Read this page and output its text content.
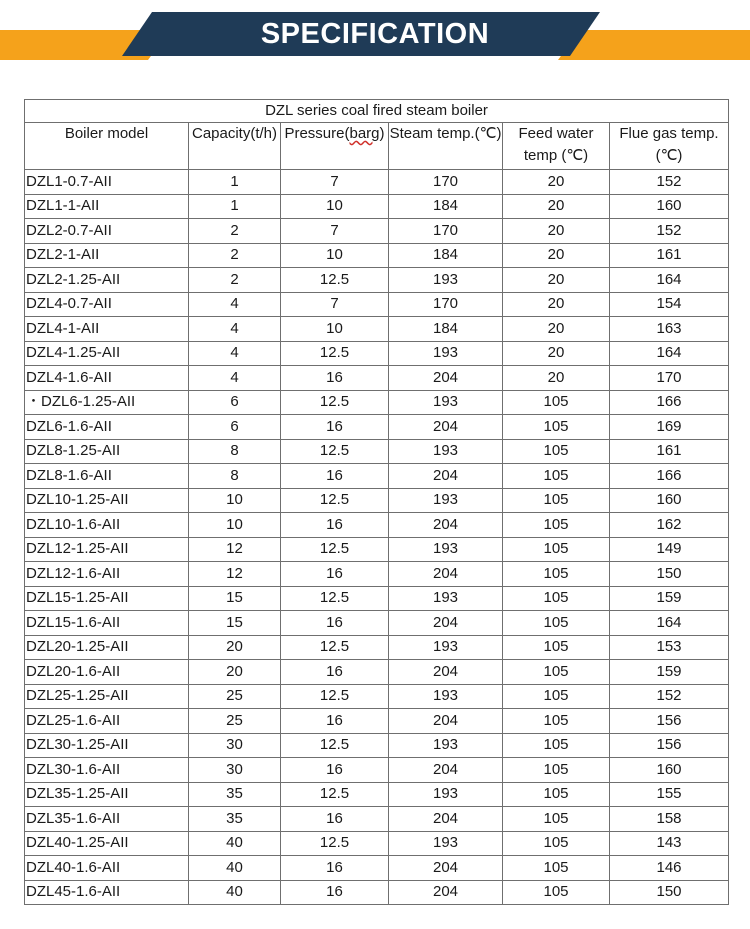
SPECIFICATION
DZL series coal fired steam boiler					
Boiler model	Capacity(t/h)	Pressure(barg)	Steam temp.(℃)	Feed water temp (℃)	Flue gas temp.(℃)
DZL1-0.7-AII	1	7	170	20	152
DZL1-1-AII	1	10	184	20	160
DZL2-0.7-AII	2	7	170	20	152
DZL2-1-AII	2	10	184	20	161
DZL2-1.25-AII	2	12.5	193	20	164
DZL4-0.7-AII	4	7	170	20	154
DZL4-1-AII	4	10	184	20	163
DZL4-1.25-AII	4	12.5	193	20	164
DZL4-1.6-AII	4	16	204	20	170
・DZL6-1.25-AII	6	12.5	193	105	166
DZL6-1.6-AII	6	16	204	105	169
DZL8-1.25-AII	8	12.5	193	105	161
DZL8-1.6-AII	8	16	204	105	166
DZL10-1.25-AII	10	12.5	193	105	160
DZL10-1.6-AII	10	16	204	105	162
DZL12-1.25-AII	12	12.5	193	105	149
DZL12-1.6-AII	12	16	204	105	150
DZL15-1.25-AII	15	12.5	193	105	159
DZL15-1.6-AII	15	16	204	105	164
DZL20-1.25-AII	20	12.5	193	105	153
DZL20-1.6-AII	20	16	204	105	159
DZL25-1.25-AII	25	12.5	193	105	152
DZL25-1.6-AII	25	16	204	105	156
DZL30-1.25-AII	30	12.5	193	105	156
DZL30-1.6-AII	30	16	204	105	160
DZL35-1.25-AII	35	12.5	193	105	155
DZL35-1.6-AII	35	16	204	105	158
DZL40-1.25-AII	40	12.5	193	105	143
DZL40-1.6-AII	40	16	204	105	146
DZL45-1.6-AII	40	16	204	105	150
